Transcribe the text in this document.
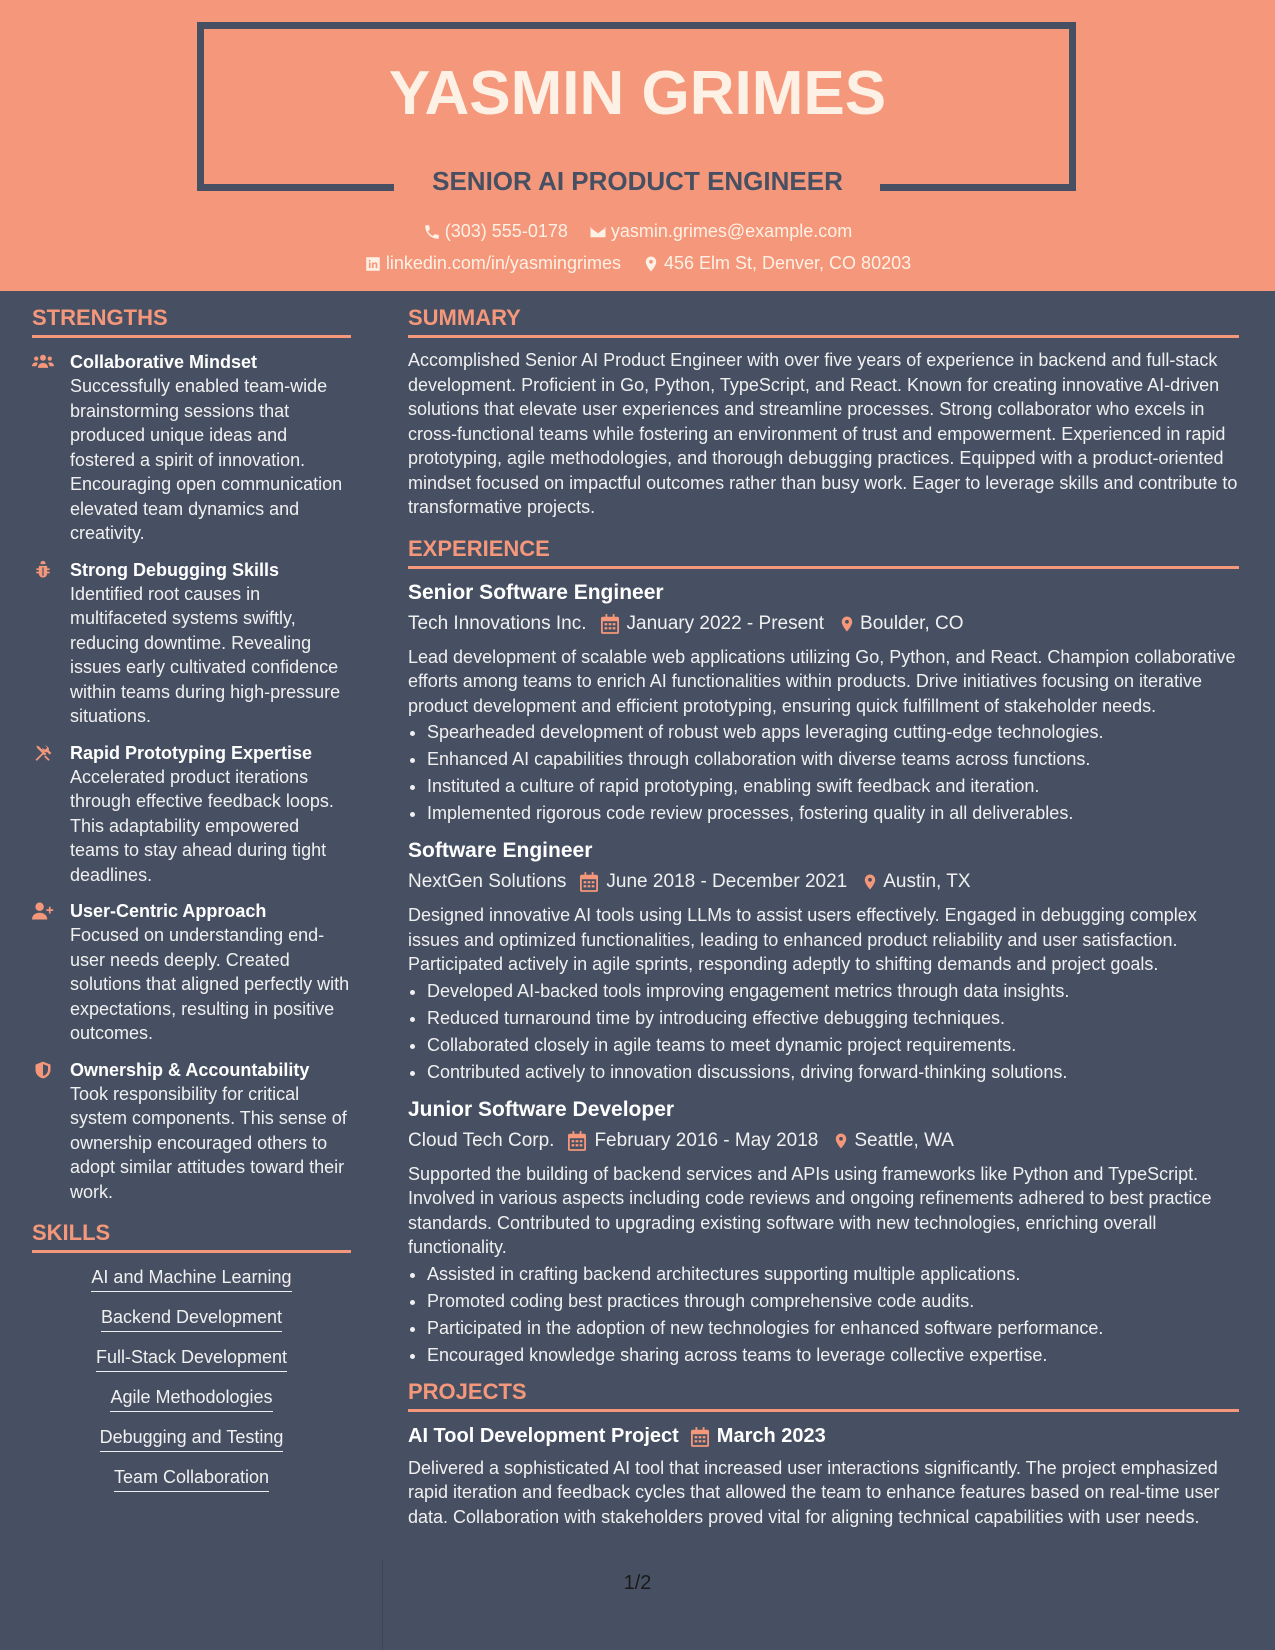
YASMIN GRIMES
SENIOR AI PRODUCT ENGINEER
(303) 555-0178
yasmin.grimes@example.com
linkedin.com/in/yasmingrimes
456 Elm St, Denver, CO 80203
STRENGTHS
Collaborative Mindset
Successfully enabled team-wide brainstorming sessions that produced unique ideas and fostered a spirit of innovation. Encouraging open communication elevated team dynamics and creativity.
Strong Debugging Skills
Identified root causes in multifaceted systems swiftly, reducing downtime. Revealing issues early cultivated confidence within teams during high-pressure situations.
Rapid Prototyping Expertise
Accelerated product iterations through effective feedback loops. This adaptability empowered teams to stay ahead during tight deadlines.
User-Centric Approach
Focused on understanding end-user needs deeply. Created solutions that aligned perfectly with expectations, resulting in positive outcomes.
Ownership & Accountability
Took responsibility for critical system components. This sense of ownership encouraged others to adopt similar attitudes toward their work.
SKILLS
AI and Machine Learning
Backend Development
Full-Stack Development
Agile Methodologies
Debugging and Testing
Team Collaboration
SUMMARY
Accomplished Senior AI Product Engineer with over five years of experience in backend and full-stack development. Proficient in Go, Python, TypeScript, and React. Known for creating innovative AI-driven solutions that elevate user experiences and streamline processes. Strong collaborator who excels in cross-functional teams while fostering an environment of trust and empowerment. Experienced in rapid prototyping, agile methodologies, and thorough debugging practices. Equipped with a product-oriented mindset focused on impactful outcomes rather than busy work. Eager to leverage skills and contribute to transformative projects.
EXPERIENCE
Senior Software Engineer
Tech Innovations Inc. January 2022 - Present Boulder, CO
Lead development of scalable web applications utilizing Go, Python, and React. Champion collaborative efforts among teams to enrich AI functionalities within products. Drive initiatives focusing on iterative product development and efficient prototyping, ensuring quick fulfillment of stakeholder needs.
• Spearheaded development of robust web apps leveraging cutting-edge technologies.
• Enhanced AI capabilities through collaboration with diverse teams across functions.
• Instituted a culture of rapid prototyping, enabling swift feedback and iteration.
• Implemented rigorous code review processes, fostering quality in all deliverables.
Software Engineer
NextGen Solutions June 2018 - December 2021 Austin, TX
Designed innovative AI tools using LLMs to assist users effectively. Engaged in debugging complex issues and optimized functionalities, leading to enhanced product reliability and user satisfaction. Participated actively in agile sprints, responding adeptly to shifting demands and project goals.
• Developed AI-backed tools improving engagement metrics through data insights.
• Reduced turnaround time by introducing effective debugging techniques.
• Collaborated closely in agile teams to meet dynamic project requirements.
• Contributed actively to innovation discussions, driving forward-thinking solutions.
Junior Software Developer
Cloud Tech Corp. February 2016 - May 2018 Seattle, WA
Supported the building of backend services and APIs using frameworks like Python and TypeScript. Involved in various aspects including code reviews and ongoing refinements adhered to best practice standards. Contributed to upgrading existing software with new technologies, enriching overall functionality.
• Assisted in crafting backend architectures supporting multiple applications.
• Promoted coding best practices through comprehensive code audits.
• Participated in the adoption of new technologies for enhanced software performance.
• Encouraged knowledge sharing across teams to leverage collective expertise.
PROJECTS
AI Tool Development Project March 2023
Delivered a sophisticated AI tool that increased user interactions significantly. The project emphasized rapid iteration and feedback cycles that allowed the team to enhance features based on real-time user data. Collaboration with stakeholders proved vital for aligning technical capabilities with user needs.
1/2
